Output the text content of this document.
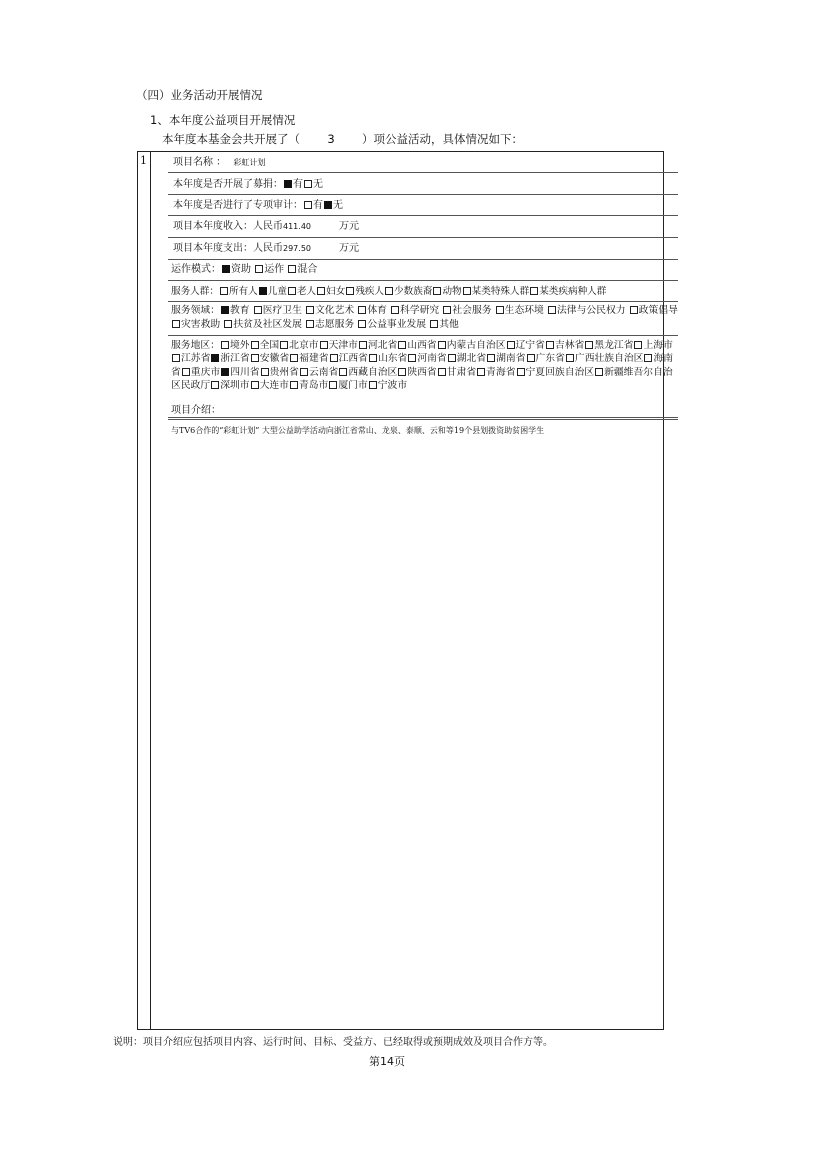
（四）业务活动开展情况
1、本年度公益项目开展情况
本年度本基金会共开展了（ 3 ）项公益活动，具体情况如下：
1	项目名称 ： 彩虹计划
本年度是否开展了募捐： 有 无
本年度是否进行了专项审计： 有 无
项目本年度收入：人民币411.40	万元
项目本年度支出：人民币297.50	万元
运作模式： 资助 运作 混合
服务人群： 所有人 儿童 老人 妇女 残疾人 少数族裔 动物 某类特殊人群 某类疾病种人群
服务领域： 教育 医疗卫生 文化艺术 体育 科学研究 社会服务 生态环境 法律与公民权力 政策倡导 灾害救助 扶贫及社区发展 志愿服务 公益事业发展 其他
服务地区： 境外 全国 北京市 天津市 河北省 山西省 内蒙古自治区 辽宁省 吉林省 黑龙江省 上海市江苏省 浙江省 安徽省 福建省 江西省 山东省 河南省 湖北省 湖南省 广东省 广西壮族自治区 海南省 重庆市 四川省 贵州省 云南省 西藏自治区 陕西省 甘肃省 青海省 宁夏回族自治区 新疆维吾尔自治区民政厅 深圳市 大连市 青岛市 厦门市 宁波市
项目介绍：
与TV6合作的“彩虹计划” 大型公益助学活动向浙江省常山、龙泉、泰顺、云和等19个县划拨资助贫困学生
说明：项目介绍应包括项目内容、运行时间、目标、受益方、已经取得或预期成效及项目合作方等。
第14页
